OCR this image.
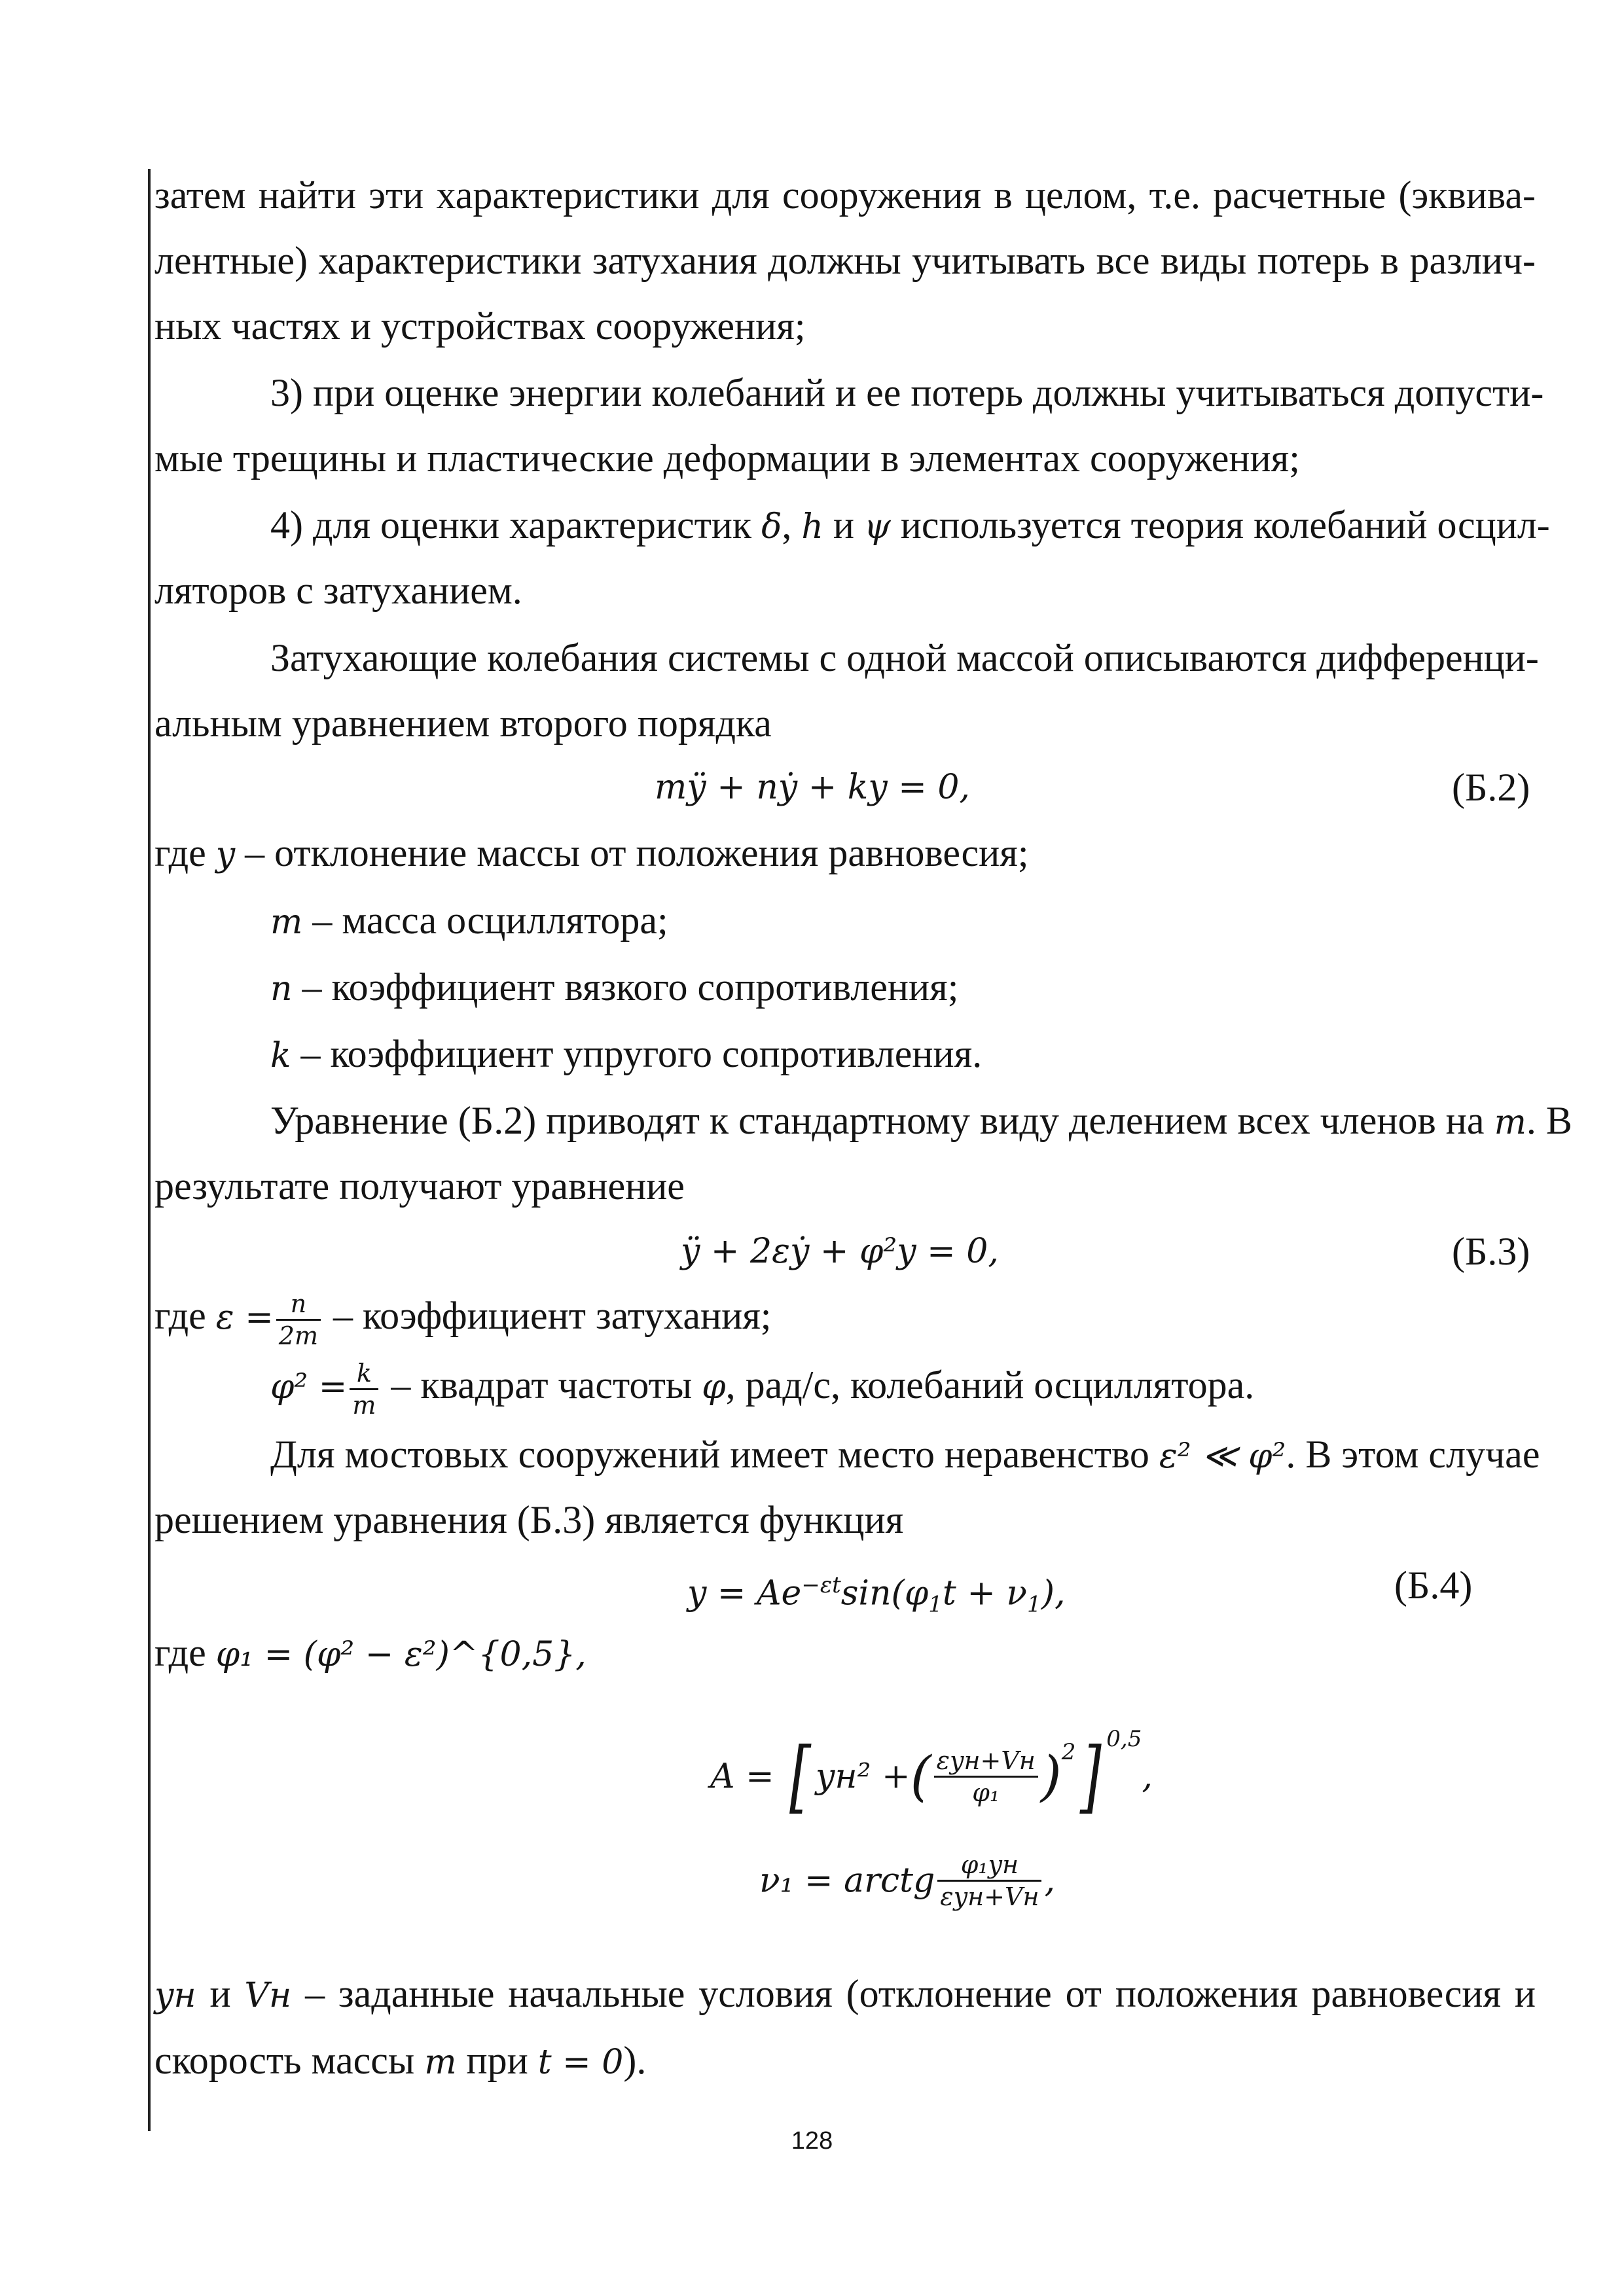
затем найти эти характеристики для сооружения в целом, т.е. расчетные (эквива-
лентные) характеристики затухания должны учитывать все виды потерь в различ-
ных частях и устройствах сооружения;
3) при оценке энергии колебаний и ее потерь должны учитываться допусти-
мые трещины и пластические деформации в элементах сооружения;
4) для оценки характеристик δ, h и ψ используется теория колебаний осцил-
ляторов с затуханием.
Затухающие колебания системы с одной массой описываются дифференци-
альным уравнением второго порядка
mÿ + nẏ + ky = 0,	(Б.2)
где y – отклонение массы от положения равновесия;
m – масса осциллятора;
n – коэффициент вязкого сопротивления;
k – коэффициент упругого сопротивления.
Уравнение (Б.2) приводят к стандартному виду делением всех членов на m. В
результате получают уравнение
ÿ + 2εẏ + φ²y = 0,	(Б.3)
где $\varepsilon = \frac{n}{2m}$ – коэффициент затухания;
$\varphi^2 = \frac{k}{m}$ – квадрат частоты φ, рад/с, колебаний осциллятора.
Для мостовых сооружений имеет место неравенство ε² ≪ φ². В этом случае
решением уравнения (Б.3) является функция
$y = Ae^{-\varepsilon t}\sin(\varphi_1t + \nu_1)$,	(Б.4)
где φ₁ = (φ² − ε²)^{0,5},
A = [ yн² +( $\frac{\text{εyн+Vн}}{\text{φ₁}} )^2$] $^{0,5}$,
ν₁ = arctg $\frac{\text{φ₁yн}}{\text{εyн+Vн}}$ ,
yн и Vн – заданные начальные условия (отклонение от положения равновесия и
скорость массы m при t = 0).
128
